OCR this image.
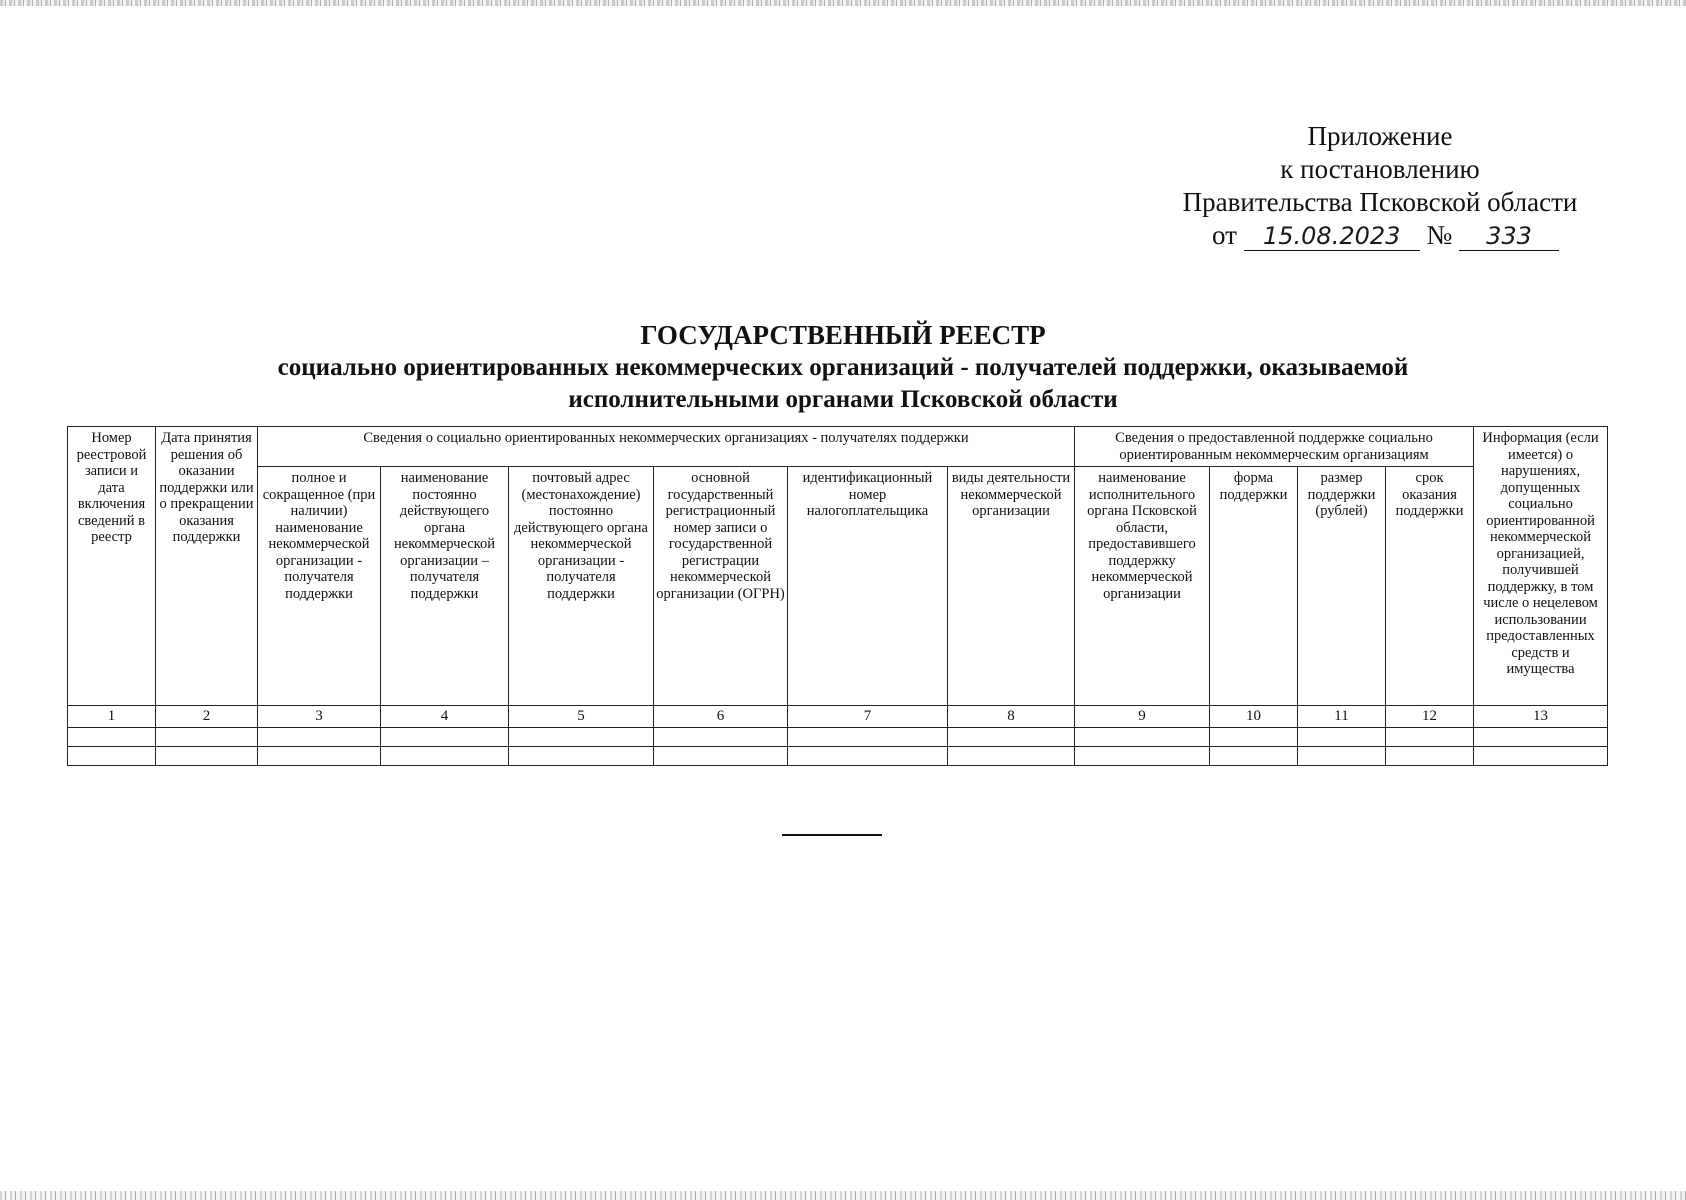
Приложение
к постановлению
Правительства Псковской области
от 15.08.2023 № 333
ГОСУДАРСТВЕННЫЙ РЕЕСТР
социально ориентированных некоммерческих организаций - получателей поддержки, оказываемой
исполнительными органами Псковской области
Номер реестровой записи и дата включения сведений в реестр	Дата принятия решения об оказании поддержки или о прекращении оказания поддержки	Сведения о социально ориентированных некоммерческих организациях - получателях поддержки						Сведения о предоставленной поддержке социально ориентированным некоммерческим организациям				Информация (если имеется) о нарушениях, допущенных социально ориентированной некоммерческой организацией, получившей поддержку, в том числе о нецелевом использовании предоставленных средств и имущества
		полное и сокращенное (при наличии) наименование некоммерческой организации - получателя поддержки	наименование постоянно действующего органа некоммерческой организации – получателя поддержки	почтовый адрес (местонахождение) постоянно действующего органа некоммерческой организации - получателя поддержки	основной государственный регистрационный номер записи о государственной регистрации некоммерческой организации (ОГРН)	идентификационный номер налогоплательщика	виды деятельности некоммерческой организации	наименование исполнительного органа Псковской области, предоставившего поддержку некоммерческой организации	форма поддержки	размер поддержки (рублей)	срок оказания поддержки	
1	2	3	4	5	6	7	8	9	10	11	12	13
